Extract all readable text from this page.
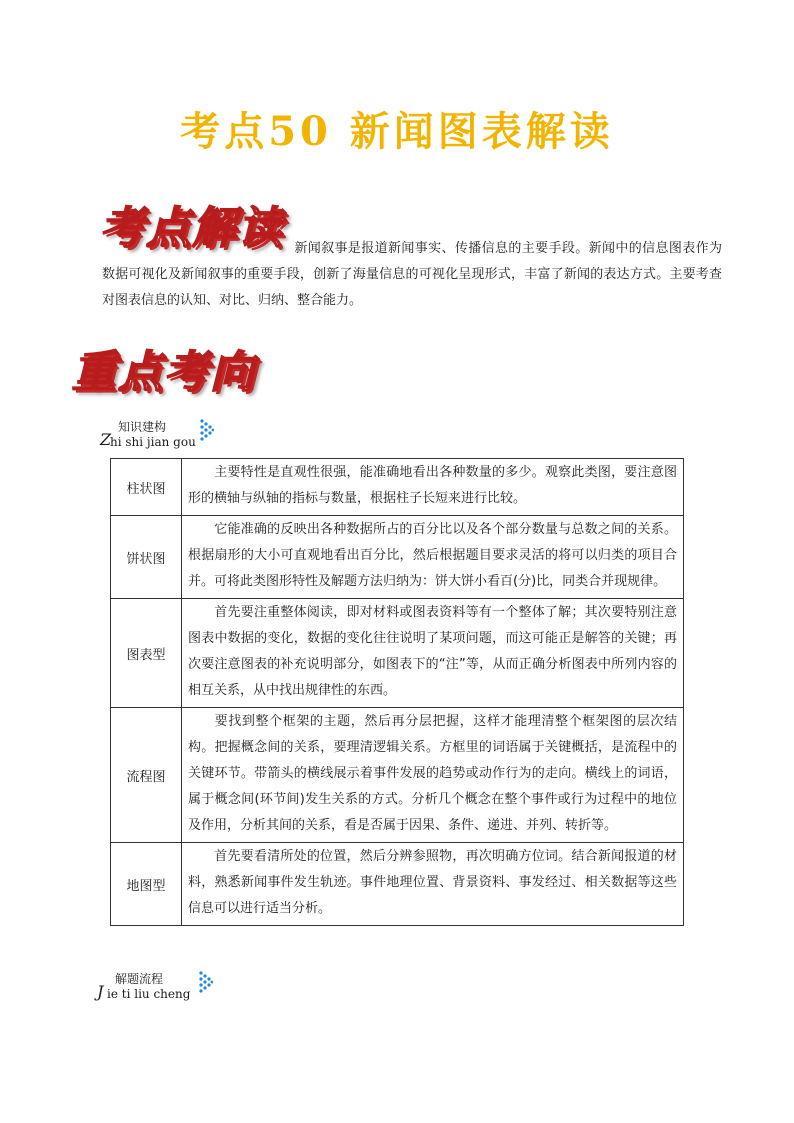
考点50 新闻图表解读
考点解读 新闻叙事是报道新闻事实、传播信息的主要手段。新闻中的信息图表作为数据可视化及新闻叙事的重要手段，创新了海量信息的可视化呈现形式，丰富了新闻的表达方式。主要考查对图表信息的认知、对比、归纳、整合能力。
重点考向
Z
知识建构
hi shi jian gou
柱状图	主要特性是直观性很强，能准确地看出各种数量的多少。观察此类图，要注意图形的横轴与纵轴的指标与数量，根据柱子长短来进行比较。
饼状图	它能准确的反映出各种数据所占的百分比以及各个部分数量与总数之间的关系。根据扇形的大小可直观地看出百分比，然后根据题目要求灵活的将可以归类的项目合并。可将此类图形特性及解题方法归纳为：饼大饼小看百(分)比，同类合并现规律。
图表型	首先要注重整体阅读，即对材料或图表资料等有一个整体了解；其次要特别注意图表中数据的变化，数据的变化往往说明了某项问题，而这可能正是解答的关键；再次要注意图表的补充说明部分，如图表下的“注”等，从而正确分析图表中所列内容的相互关系，从中找出规律性的东西。
流程图	要找到整个框架的主题，然后再分层把握，这样才能理清整个框架图的层次结构。把握概念间的关系，要理清逻辑关系。方框里的词语属于关键概括，是流程中的关键环节。带箭头的横线展示着事件发展的趋势或动作行为的走向。横线上的词语，属于概念间(环节间)发生关系的方式。分析几个概念在整个事件或行为过程中的地位及作用，分析其间的关系，看是否属于因果、条件、递进、并列、转折等。
地图型	首先要看清所处的位置，然后分辨参照物，再次明确方位词。结合新闻报道的材料，熟悉新闻事件发生轨迹。事件地理位置、背景资料、事发经过、相关数据等这些信息可以进行适当分析。
J
解题流程
ie ti liu cheng
